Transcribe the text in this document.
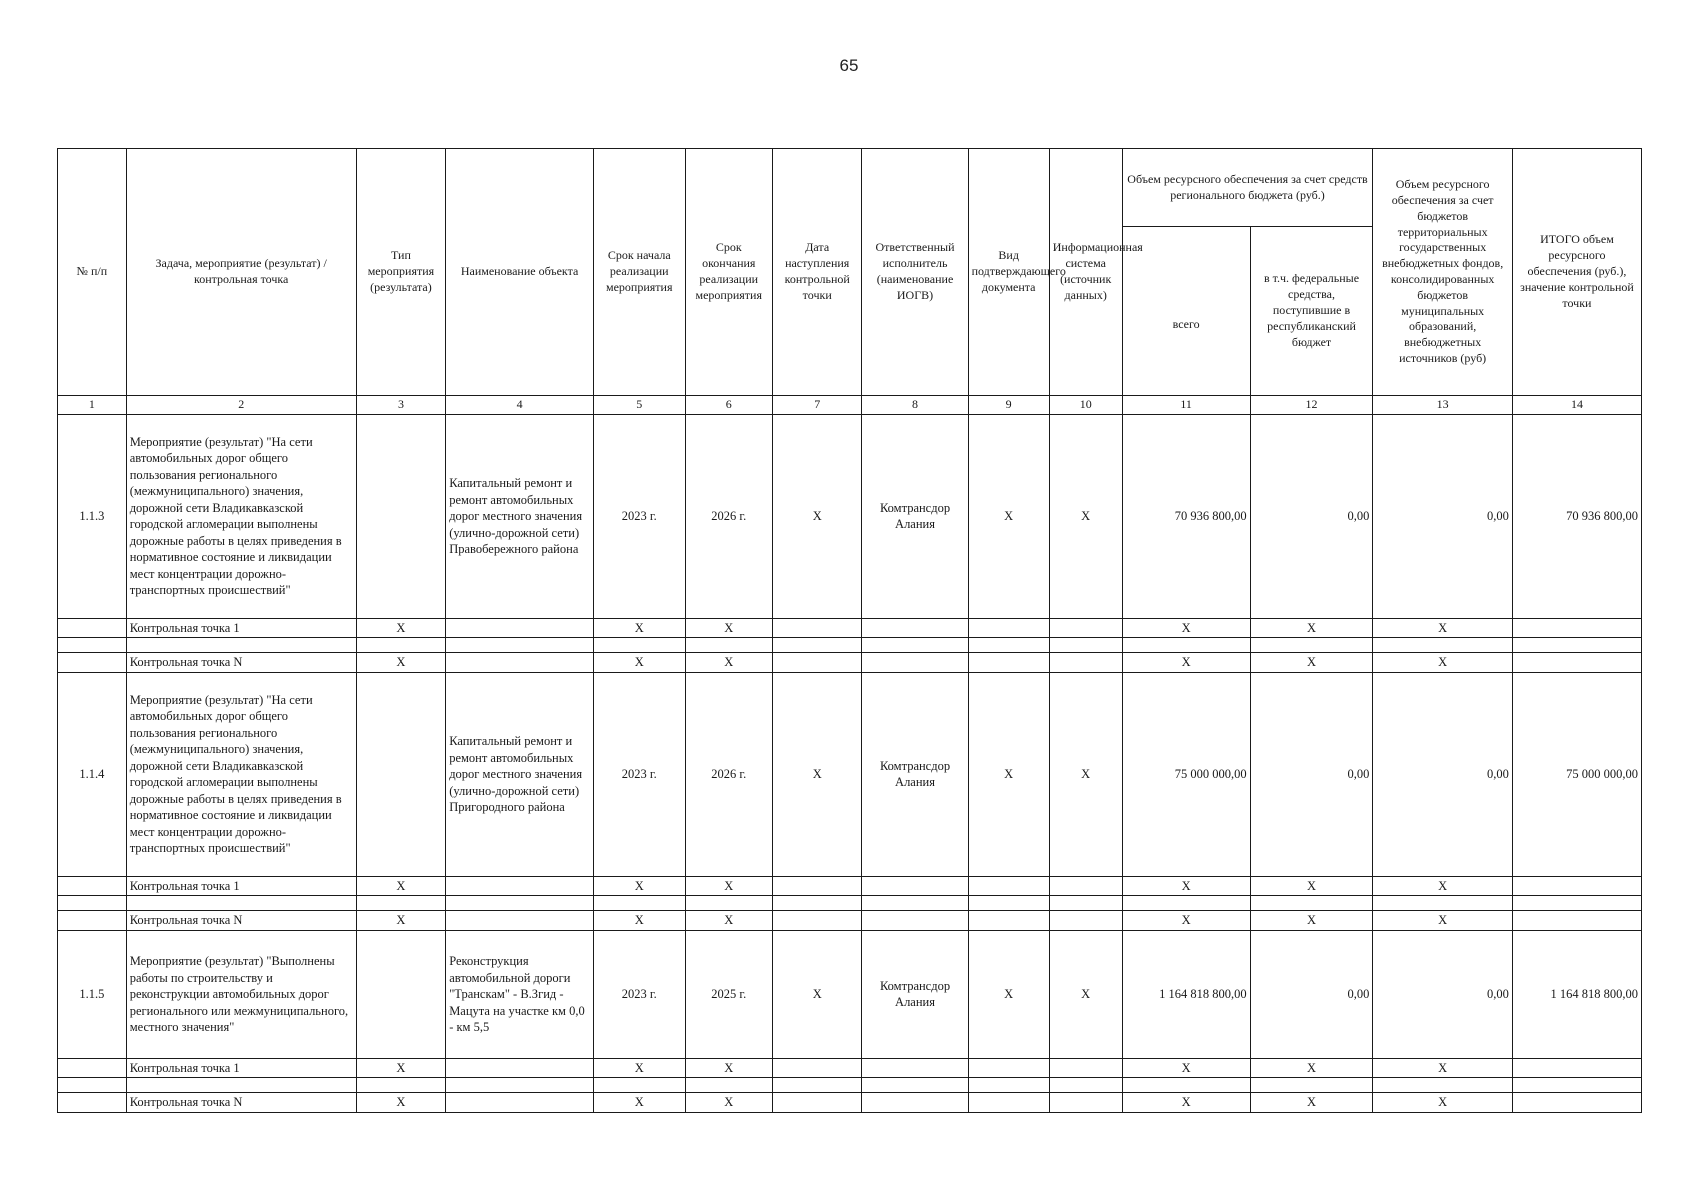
65
№ п/п	Задача, мероприятие (результат) / контрольная точка	Тип мероприятия (результата)	Наименование объекта	Срок начала реализации мероприятия	Срок окончания реализации мероприятия	Дата наступления контрольной точки	Ответственный исполнитель (наименование ИОГВ)	Вид подтверждающего документа	Информационная система (источник данных)	Объем ресурсного обеспечения за счет средств регионального бюджета (руб.)		Объем ресурсного обеспечения за счет бюджетов территориальных государственных внебюджетных фондов, консолидированных бюджетов муниципальных образований, внебюджетных источников (руб)	ИТОГО объем ресурсного обеспечения (руб.), значение контрольной точки
										всего	в т.ч. федеральные средства, поступившие в республиканский бюджет		
1	2	3	4	5	6	7	8	9	10	11	12	13	14
1.1.3	Мероприятие (результат) "На сети автомобильных дорог общего пользования регионального (межмуниципального) значения, дорожной сети Владикавказской городской агломерации выполнены дорожные работы в целях приведения в нормативное состояние и ликвидации мест концентрации дорожно-транспортных происшествий"		Капитальный ремонт и ремонт автомобильных дорог местного значения (улично-дорожной сети) Правобережного района	2023 г.	2026 г.	Х	Комтрансдор Алания	Х	Х	70 936 800,00	0,00	0,00	70 936 800,00
	Контрольная точка 1	Х		Х	Х					Х	Х	Х	

	Контрольная точка N	Х		Х	Х					Х	Х	Х	
1.1.4	Мероприятие (результат) "На сети автомобильных дорог общего пользования регионального (межмуниципального) значения, дорожной сети Владикавказской городской агломерации выполнены дорожные работы в целях приведения в нормативное состояние и ликвидации мест концентрации дорожно-транспортных происшествий"		Капитальный ремонт и ремонт автомобильных дорог местного значения (улично-дорожной сети) Пригородного района	2023 г.	2026 г.	Х	Комтрансдор Алания	Х	Х	75 000 000,00	0,00	0,00	75 000 000,00
	Контрольная точка 1	Х		Х	Х					Х	Х	Х	

	Контрольная точка N	Х		Х	Х					Х	Х	Х	
1.1.5	Мероприятие (результат) "Выполнены работы по строительству и реконструкции автомобильных дорог регионального или межмуниципального, местного значения"		Реконструкция автомобильной дороги "Транскам" - В.Згид - Мацута на участке км 0,0 - км 5,5	2023 г.	2025 г.	Х	Комтрансдор Алания	Х	Х	1 164 818 800,00	0,00	0,00	1 164 818 800,00
	Контрольная точка 1	Х		Х	Х					Х	Х	Х	

	Контрольная точка N	Х		Х	Х					Х	Х	Х	
